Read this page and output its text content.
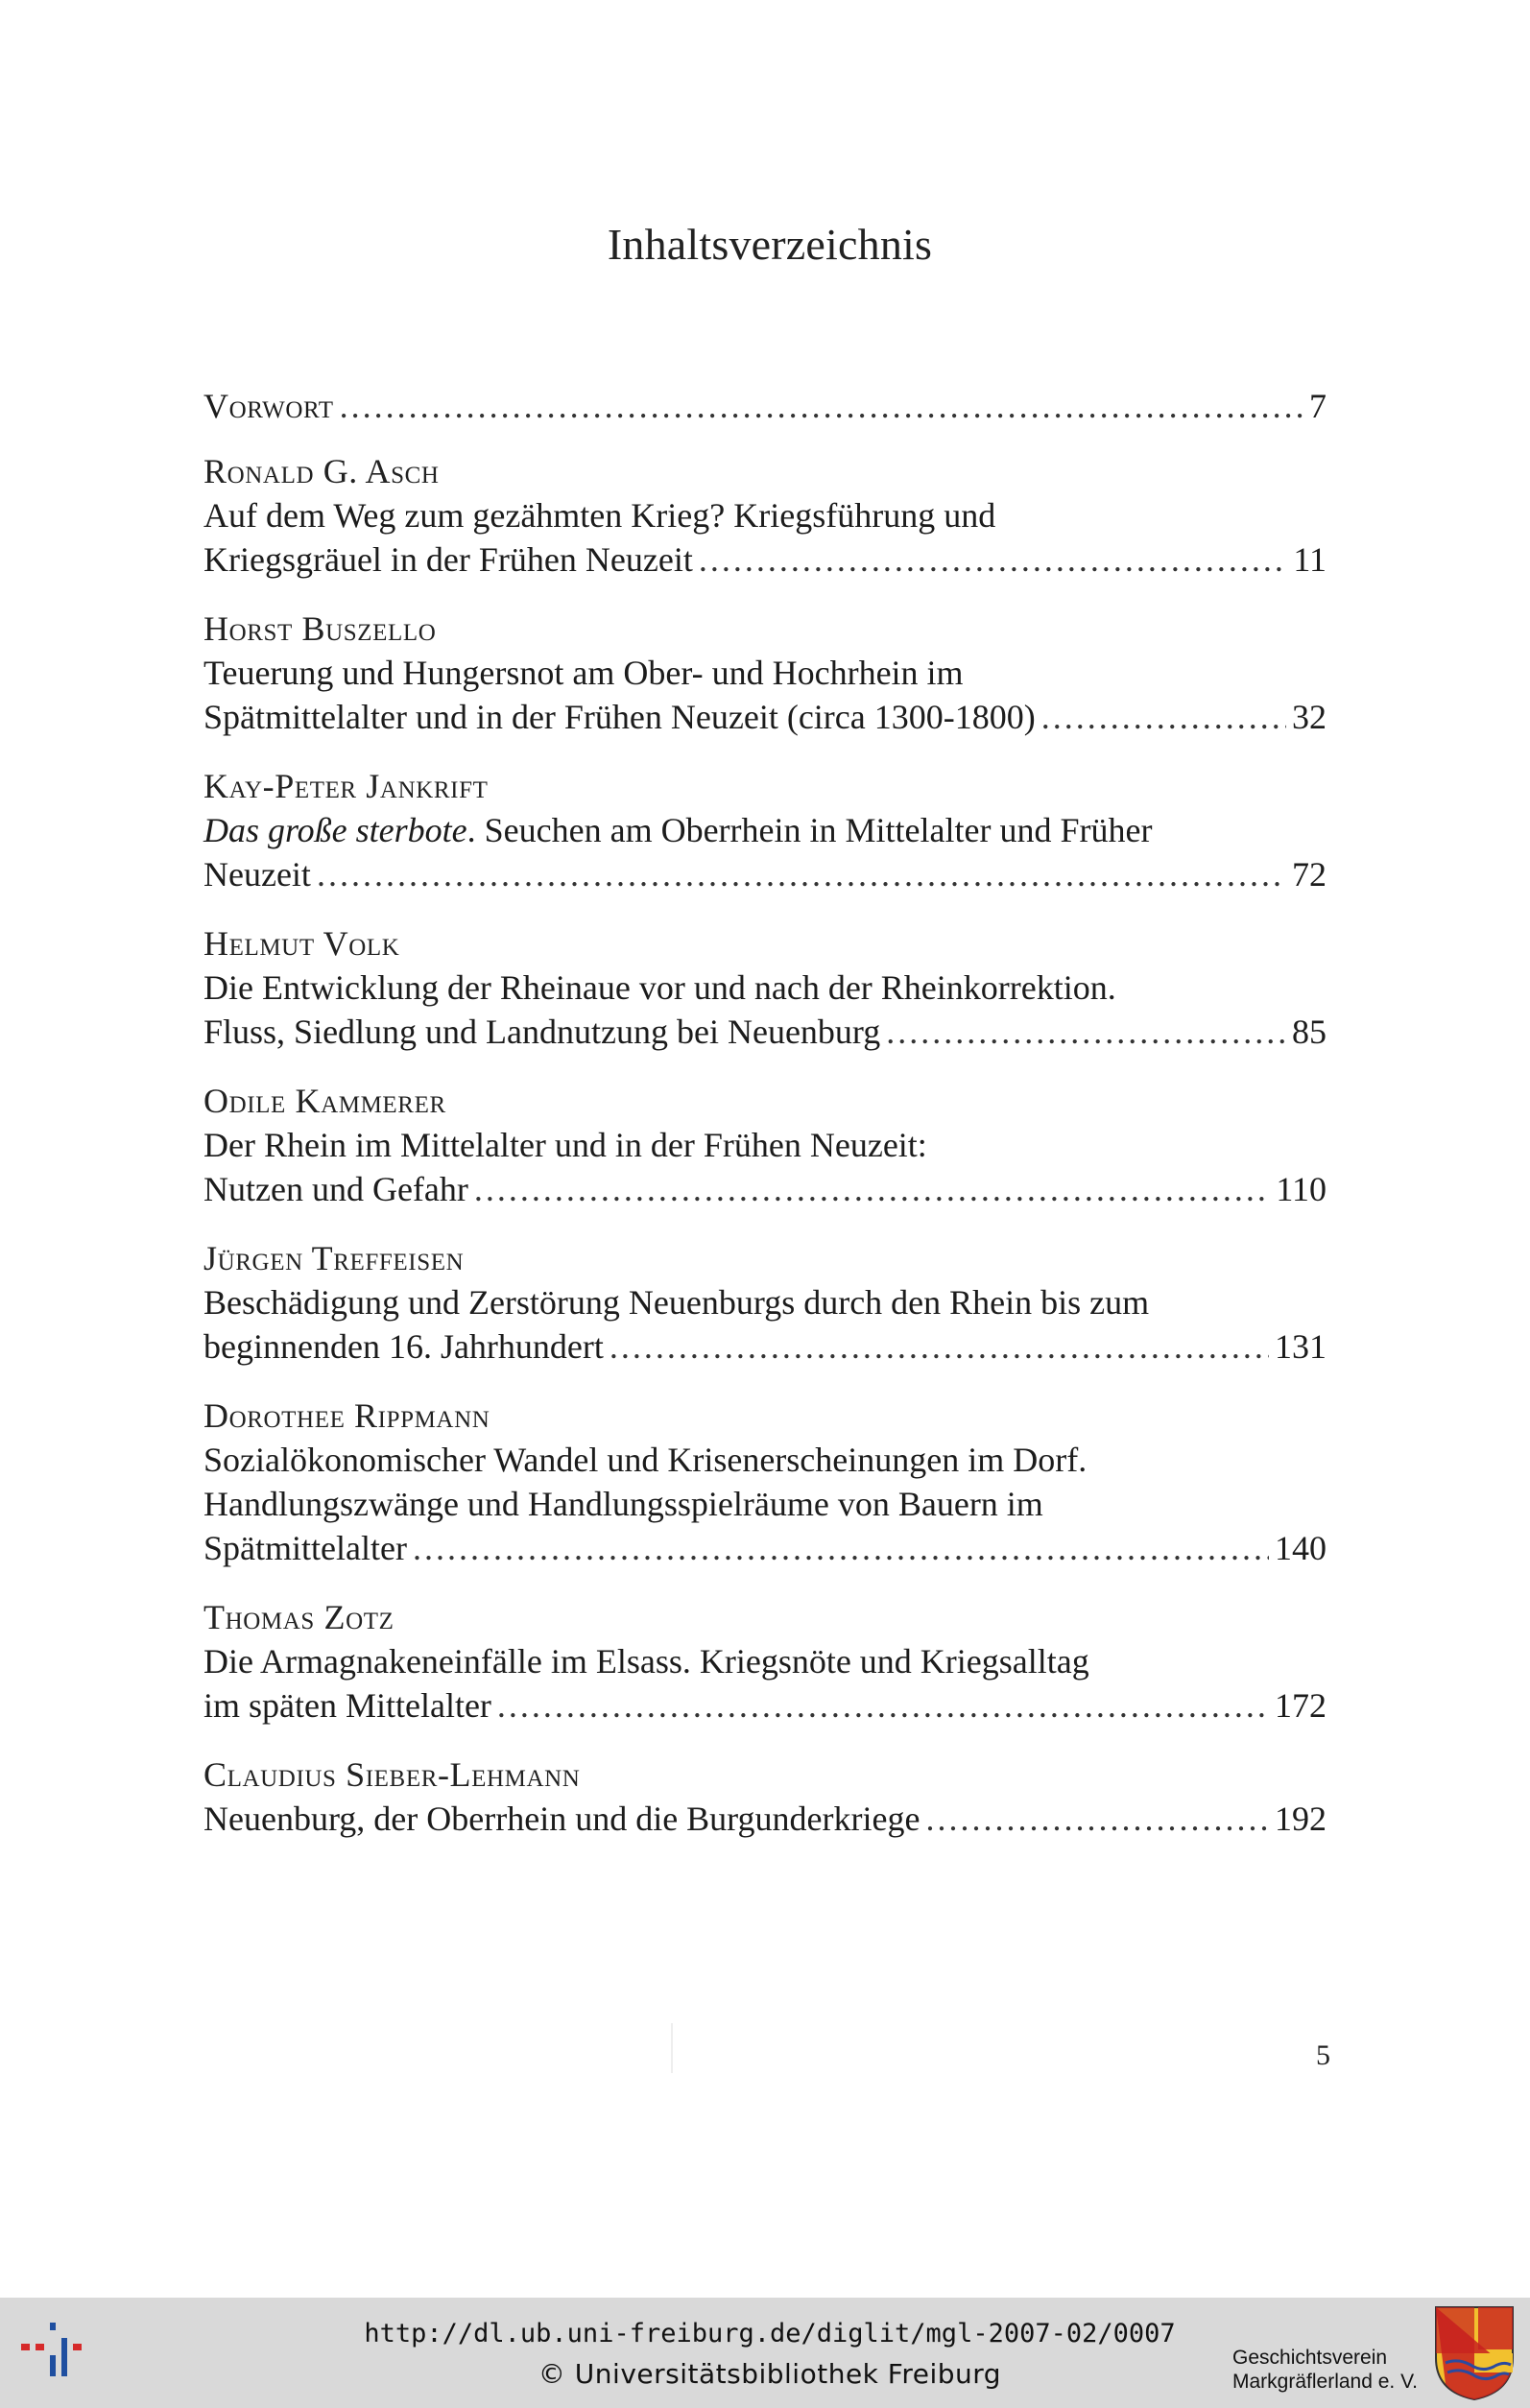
Inhaltsverzeichnis
Vorwort . . .	7
Ronald G. Asch
Auf dem Weg zum gezähmten Krieg? Kriegsführung und
Kriegsgräuel in der Frühen Neuzeit . . .	11
Horst Buszello
Teuerung und Hungersnot am Ober- und Hochrhein im
Spätmittelalter und in der Frühen Neuzeit (circa 1300-1800) . . .	32
Kay-Peter Jankrift
Das große sterbote. Seuchen am Oberrhein in Mittelalter und Früher
Neuzeit . . .	72
Helmut Volk
Die Entwicklung der Rheinaue vor und nach der Rheinkorrektion.
Fluss, Siedlung und Landnutzung bei Neuenburg . . .	85
Odile Kammerer
Der Rhein im Mittelalter und in der Frühen Neuzeit:
Nutzen und Gefahr . . .	110
Jürgen Treffeisen
Beschädigung und Zerstörung Neuenburgs durch den Rhein bis zum
beginnenden 16. Jahrhundert . . .	131
Dorothee Rippmann
Sozialökonomischer Wandel und Krisenerscheinungen im Dorf.
Handlungszwänge und Handlungsspielräume von Bauern im
Spätmittelalter . . .	140
Thomas Zotz
Die Armagnakeneinfälle im Elsass. Kriegsnöte und Kriegsalltag
im späten Mittelalter . . .	172
Claudius Sieber-Lehmann
Neuenburg, der Oberrhein und die Burgunderkriege . . .	192
5
http://dl.ub.uni-freiburg.de/diglit/mgl-2007-02/0007
© Universitätsbibliothek Freiburg
Geschichtsverein
Markgräflerland e. V.
